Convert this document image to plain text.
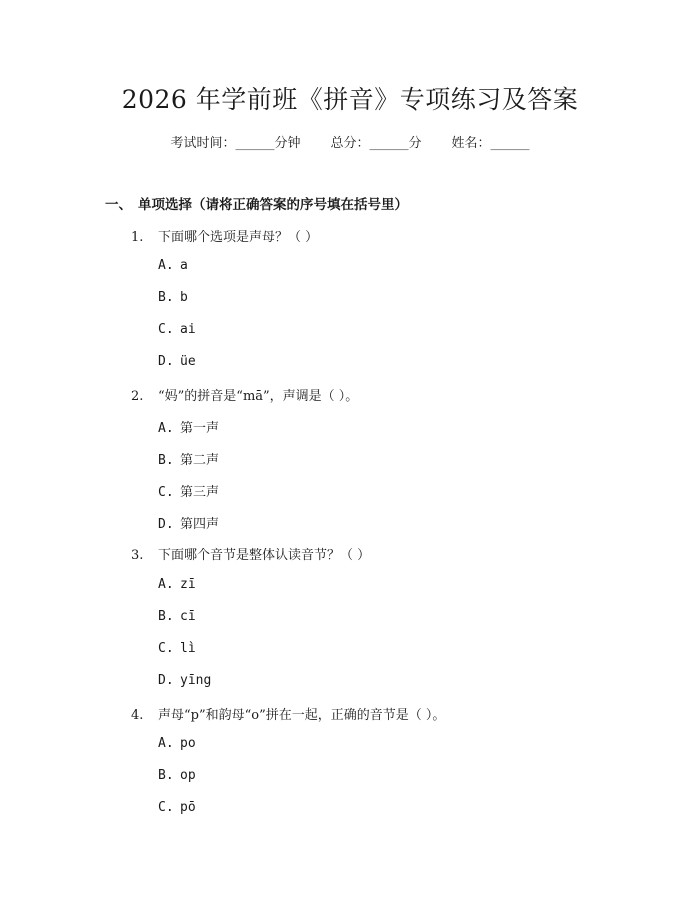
2026 年学前班《拼音》专项练习及答案
考试时间：______分钟 总分：______分 姓名：______
一、 单项选择（请将正确答案的序号填在括号里）
1. 下面哪个选项是声母？（ ）
A. a
B. b
C. ai
D. üe
2. “妈”的拼音是“mā”，声调是（ ）。
A. 第一声
B. 第二声
C. 第三声
D. 第四声
3. 下面哪个音节是整体认读音节？（ ）
A. zī
B. cī
C. lì
D. yīng
4. 声母“p”和韵母“o”拼在一起，正确的音节是（ ）。
A. po
B. op
C. pō
